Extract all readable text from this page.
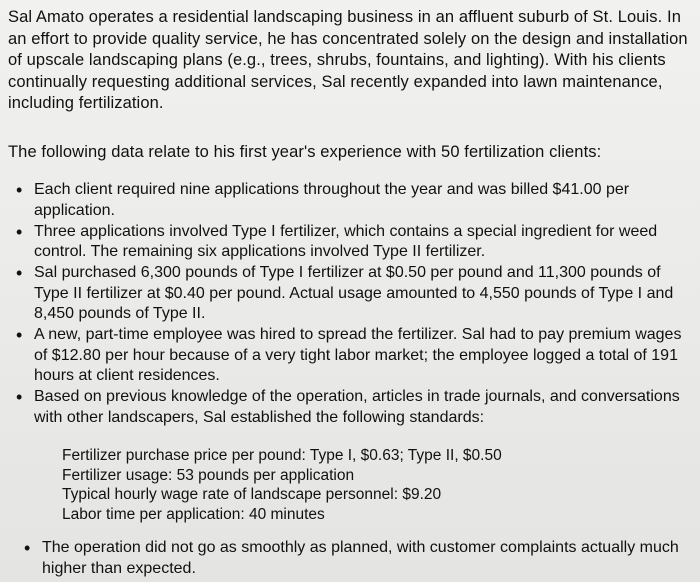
Sal Amato operates a residential landscaping business in an affluent suburb of St. Louis. In an effort to provide quality service, he has concentrated solely on the design and installation of upscale landscaping plans (e.g., trees, shrubs, fountains, and lighting). With his clients continually requesting additional services, Sal recently expanded into lawn maintenance, including fertilization.

The following data relate to his first year's experience with 50 fertilization clients:

• Each client required nine applications throughout the year and was billed $41.00 per application.
• Three applications involved Type I fertilizer, which contains a special ingredient for weed control. The remaining six applications involved Type II fertilizer.
• Sal purchased 6,300 pounds of Type I fertilizer at $0.50 per pound and 11,300 pounds of Type II fertilizer at $0.40 per pound. Actual usage amounted to 4,550 pounds of Type I and 8,450 pounds of Type II.
• A new, part-time employee was hired to spread the fertilizer. Sal had to pay premium wages of $12.80 per hour because of a very tight labor market; the employee logged a total of 191 hours at client residences.
• Based on previous knowledge of the operation, articles in trade journals, and conversations with other landscapers, Sal established the following standards:
Fertilizer purchase price per pound: Type I, $0.63; Type II, $0.50
Fertilizer usage: 53 pounds per application
Typical hourly wage rate of landscape personnel: $9.20
Labor time per application: 40 minutes
• The operation did not go as smoothly as planned, with customer complaints actually much higher than expected.
